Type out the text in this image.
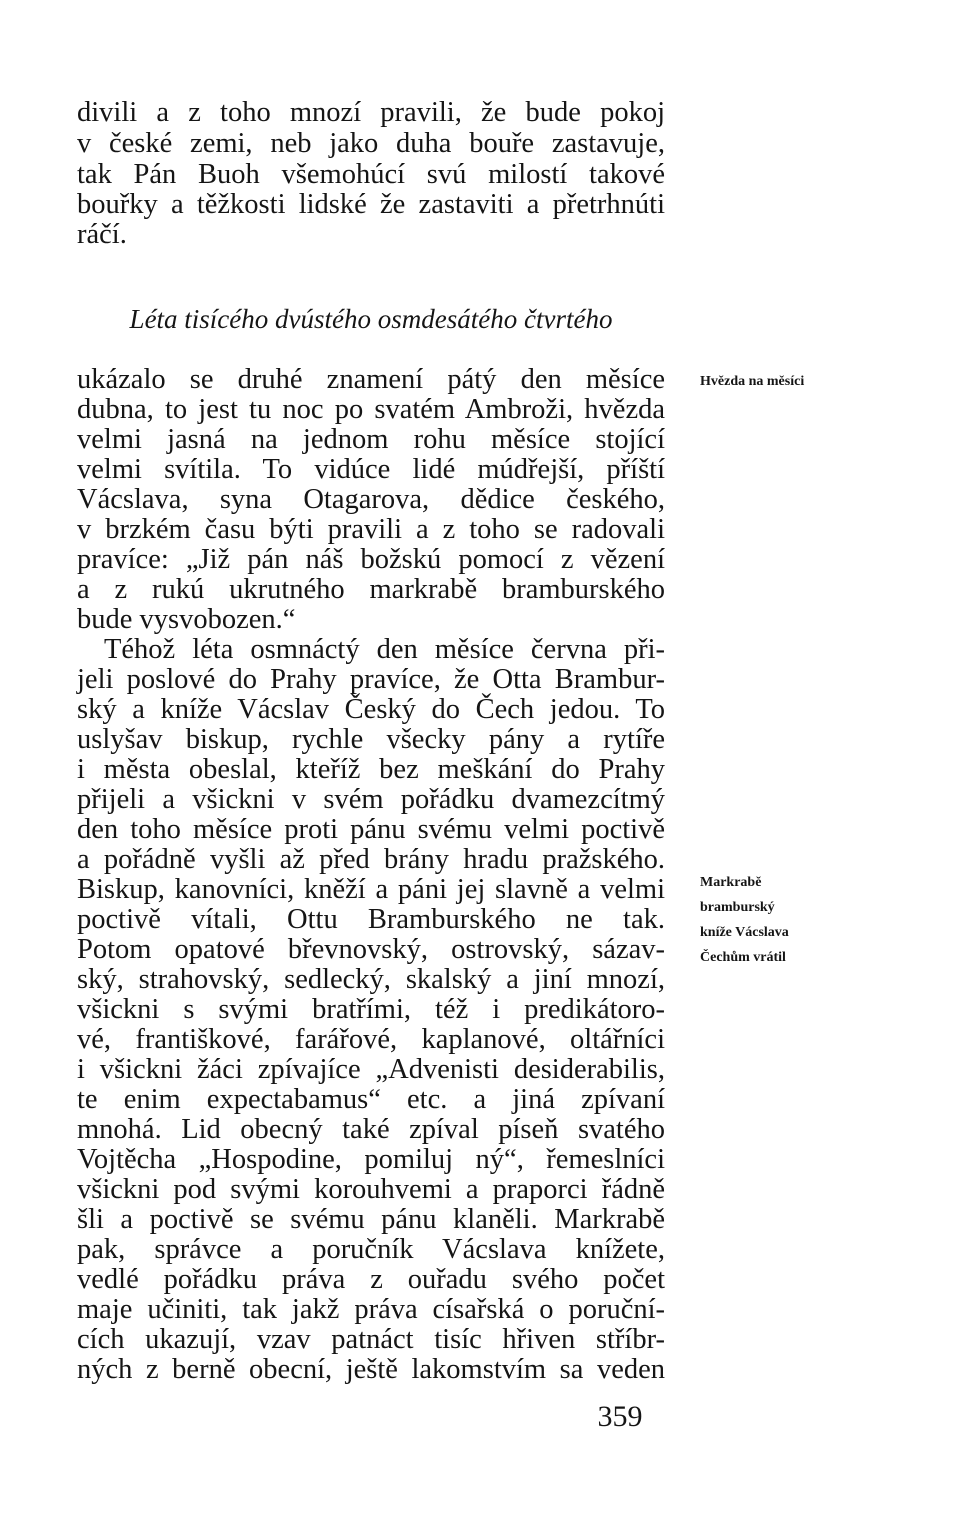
divili a z toho mnozí pravili, že bude pokoj
v české zemi, neb jako duha bouře zastavuje,
tak Pán Buoh všemohúcí svú milostí takové
bouřky a těžkosti lidské že zastaviti a přetrhnúti
ráčí.
Léta tisícého dvústého osmdesátého čtvrtého
ukázalo se druhé znamení pátý den měsíce
dubna, to jest tu noc po svatém Ambroži, hvězda
velmi jasná na jednom rohu měsíce stojící
velmi svítila. To vidúce lidé múdřejší, příští
Vácslava, syna Otagarova, dědice českého,
v brzkém času býti pravili a z toho se radovali
pravíce: „Již pán náš božskú pomocí z vězení
a z rukú ukrutného markrabě bramburského
bude vysvobozen.“
Téhož léta osmnáctý den měsíce června při-
jeli poslové do Prahy pravíce, že Otta Brambur-
ský a kníže Vácslav Český do Čech jedou. To
uslyšav biskup, rychle všecky pány a rytíře
i města obeslal, kteříž bez meškání do Prahy
přijeli a všickni v svém pořádku dvamezcítmý
den toho měsíce proti pánu svému velmi poctivě
a pořádně vyšli až před brány hradu pražského.
Biskup, kanovníci, kněží a páni jej slavně a velmi
poctivě vítali, Ottu Bramburského ne tak.
Potom opatové břevnovský, ostrovský, sázav-
ský, strahovský, sedlecký, skalský a jiní mnozí,
všickni s svými bratřími, též i predikátoro-
vé, františkové, farářové, kaplanové, oltářníci
i všickni žáci zpívajíce „Advenisti desiderabilis,
te enim expectabamus“ etc. a jiná zpívaní
mnohá. Lid obecný také zpíval píseň svatého
Vojtěcha „Hospodine, pomiluj ný“, řemeslníci
všickni pod svými korouhvemi a praporci řádně
šli a poctivě se svému pánu klaněli. Markrabě
pak, správce a poručník Vácslava knížete,
vedlé pořádku práva z ouřadu svého počet
maje učiniti, tak jakž práva císařská o poruční-
cích ukazují, vzav patnáct tisíc hřiven stříbr-
ných z berně obecní, ještě lakomstvím sa veden
Hvězda na měsíci
Markrabě
bramburský
kníže Vácslava
Čechům vrátil
359
